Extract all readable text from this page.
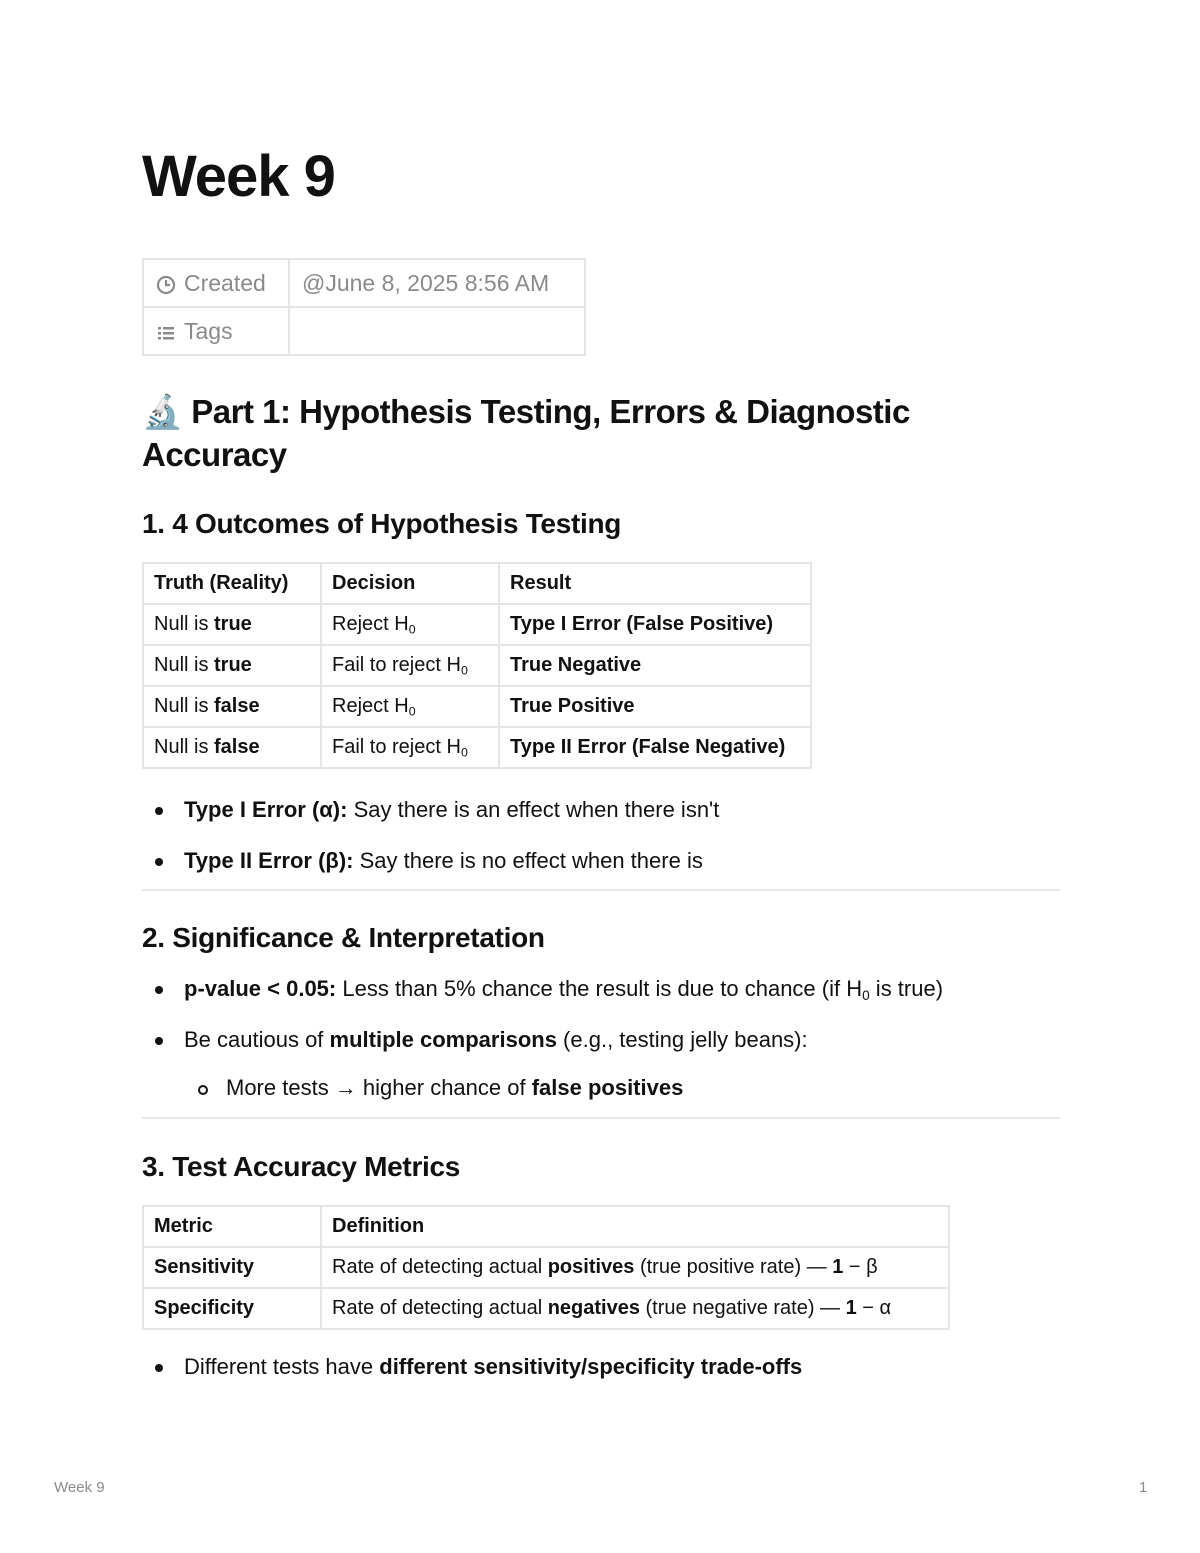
Week 9
Created	@June 8, 2025 8:56 AM
Tags	
🔬 Part 1: Hypothesis Testing, Errors & Diagnostic Accuracy
1. 4 Outcomes of Hypothesis Testing
Truth (Reality)	Decision	Result
Null is true	Reject $H_0$	Type I Error (False Positive)
Null is true	Fail to reject $H_0$	True Negative
Null is false	Reject $H_0$	True Positive
Null is false	Fail to reject $H_0$	Type II Error (False Negative)
Type I Error (α): Say there is an effect when there isn't
Type II Error (β): Say there is no effect when there is
2. Significance & Interpretation
p-value < 0.05: Less than 5% chance the result is due to chance (if $H_0$ is true)
Be cautious of multiple comparisons (e.g., testing jelly beans):
More tests → higher chance of false positives
3. Test Accuracy Metrics
Metric	Definition
Sensitivity	Rate of detecting actual positives (true positive rate) — 1 − β
Specificity	Rate of detecting actual negatives (true negative rate) — 1 − α
Different tests have different sensitivity/specificity trade-offs
Week 9	1
